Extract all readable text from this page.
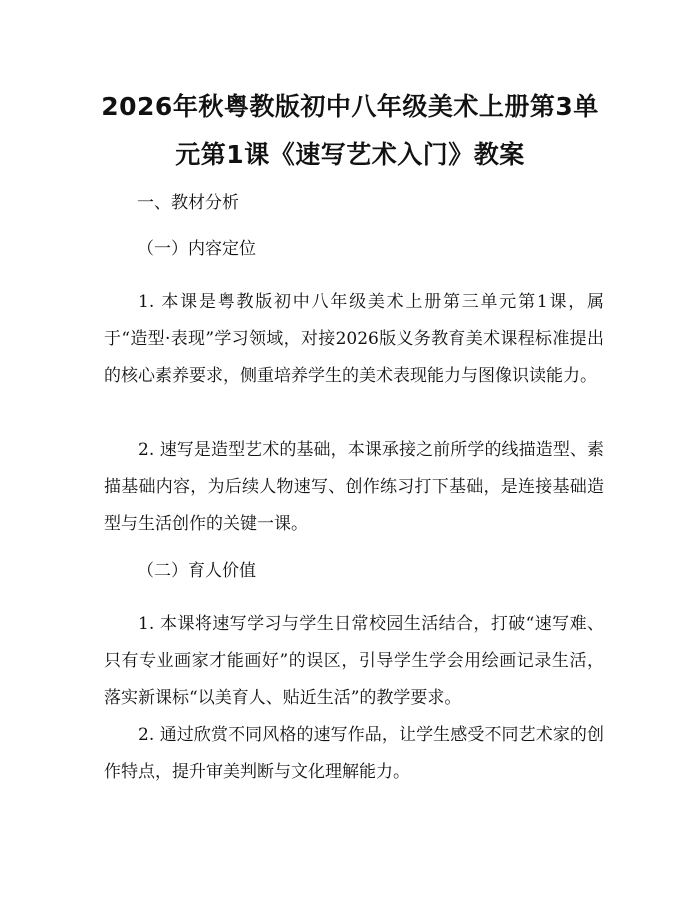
2026年秋粤教版初中八年级美术上册第3单
元第1课《速写艺术入门》教案

一、教材分析

（一）内容定位

1. 本课是粤教版初中八年级美术上册第三单元第1课，属于“造型·表现”学习领域，对接2026版义务教育美术课程标准提出的核心素养要求，侧重培养学生的美术表现能力与图像识读能力。

2. 速写是造型艺术的基础，本课承接之前所学的线描造型、素描基础内容，为后续人物速写、创作练习打下基础，是连接基础造型与生活创作的关键一课。

（二）育人价值

1. 本课将速写学习与学生日常校园生活结合，打破“速写难、只有专业画家才能画好”的误区，引导学生学会用绘画记录生活，落实新课标“以美育人、贴近生活”的教学要求。

2. 通过欣赏不同风格的速写作品，让学生感受不同艺术家的创作特点，提升审美判断与文化理解能力。
